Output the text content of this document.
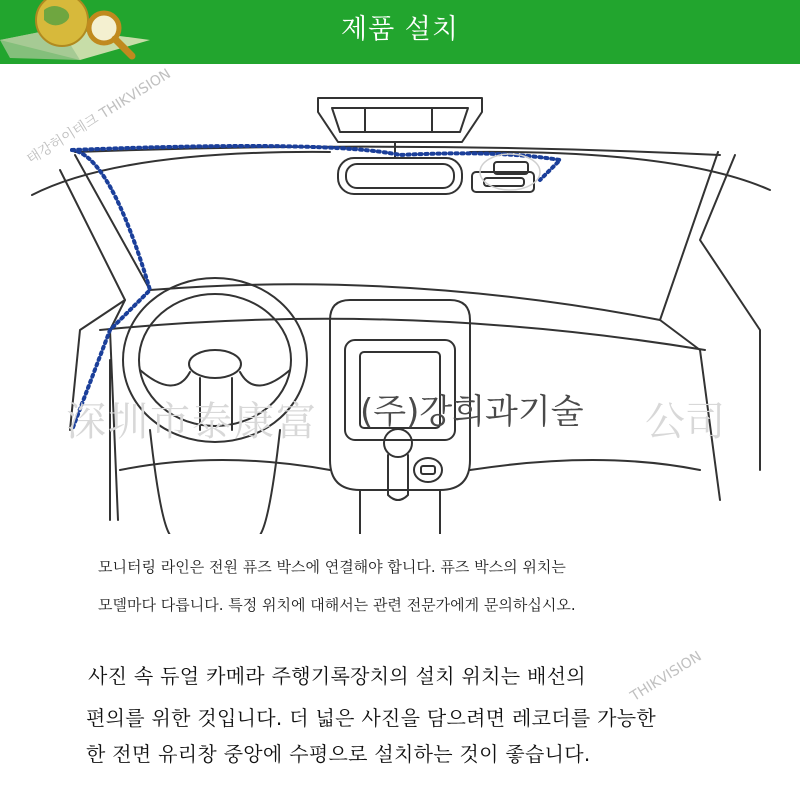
제품 설치
태강허이테크 THIKVISION
THIKVISION
深圳市泰康富 (주)강희과기술 公司
모니터링 라인은 전원 퓨즈 박스에 연결해야 합니다. 퓨즈 박스의 위치는
모델마다 다릅니다. 특정 위치에 대해서는 관련 전문가에게 문의하십시오.
사진 속 듀얼 카메라 주행기록장치의 설치 위치는 배선의
편의를 위한 것입니다. 더 넓은 사진을 담으려면 레코더를 가능한
한 전면 유리창 중앙에 수평으로 설치하는 것이 좋습니다.
